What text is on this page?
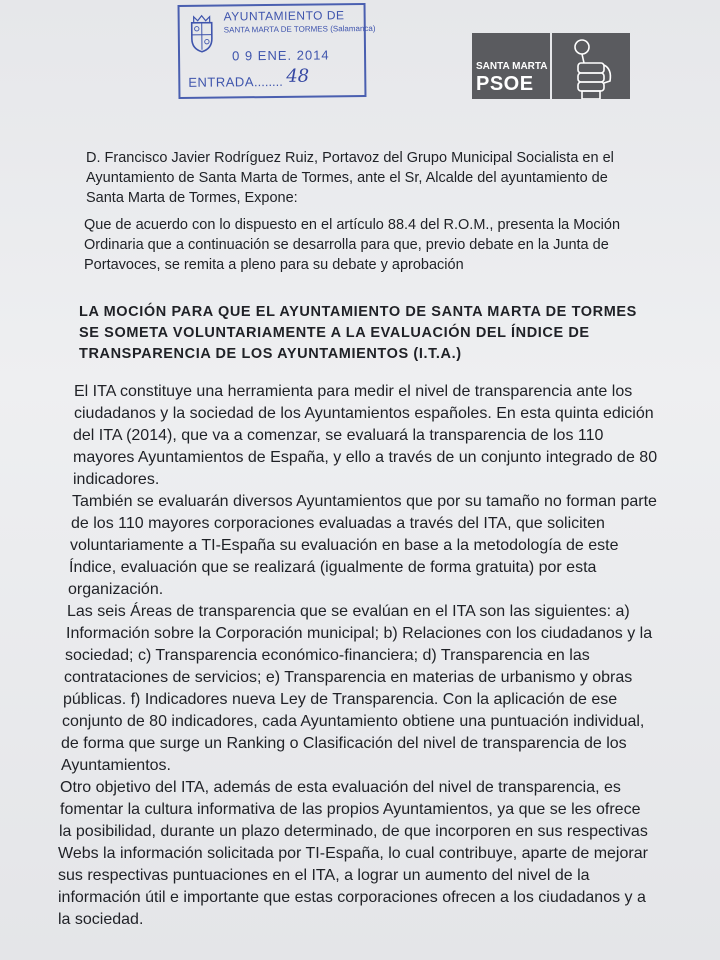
AYUNTAMIENTO DE
SANTA MARTA DE TORMES (Salamanca)
0 9 ENE. 2014
ENTRADA........ 48	SANTA MARTA
PSOE
D. Francisco Javier Rodríguez Ruiz, Portavoz del Grupo Municipal Socialista en el
Ayuntamiento de Santa Marta de Tormes, ante el Sr, Alcalde del ayuntamiento de
Santa Marta de Tormes, Expone:
Que de acuerdo con lo dispuesto en el artículo 88.4 del R.O.M., presenta la Moción
Ordinaria que a continuación se desarrolla para que, previo debate en la Junta de
Portavoces, se remita a pleno para su debate y aprobación
LA MOCIÓN PARA QUE EL AYUNTAMIENTO DE SANTA MARTA DE TORMES
SE SOMETA VOLUNTARIAMENTE A LA EVALUACIÓN DEL ÍNDICE DE
TRANSPARENCIA DE LOS AYUNTAMIENTOS (I.T.A.)
El ITA constituye una herramienta para medir el nivel de transparencia ante los
ciudadanos y la sociedad de los Ayuntamientos españoles. En esta quinta edición
del ITA (2014), que va a comenzar, se evaluará la transparencia de los 110
mayores Ayuntamientos de España, y ello a través de un conjunto integrado de 80
indicadores.
También se evaluarán diversos Ayuntamientos que por su tamaño no forman parte
de los 110 mayores corporaciones evaluadas a través del ITA, que soliciten
voluntariamente a TI-España su evaluación en base a la metodología de este
Índice, evaluación que se realizará (igualmente de forma gratuita) por esta
organización.
Las seis Áreas de transparencia que se evalúan en el ITA son las siguientes: a)
Información sobre la Corporación municipal; b) Relaciones con los ciudadanos y la
sociedad; c) Transparencia económico-financiera; d) Transparencia en las
contrataciones de servicios; e) Transparencia en materias de urbanismo y obras
públicas. f) Indicadores nueva Ley de Transparencia. Con la aplicación de ese
conjunto de 80 indicadores, cada Ayuntamiento obtiene una puntuación individual,
de forma que surge un Ranking o Clasificación del nivel de transparencia de los
Ayuntamientos.
Otro objetivo del ITA, además de esta evaluación del nivel de transparencia, es
fomentar la cultura informativa de las propios Ayuntamientos, ya que se les ofrece
la posibilidad, durante un plazo determinado, de que incorporen en sus respectivas
Webs la información solicitada por TI-España, lo cual contribuye, aparte de mejorar
sus respectivas puntuaciones en el ITA, a lograr un aumento del nivel de la
información útil e importante que estas corporaciones ofrecen a los ciudadanos y a
la sociedad.
